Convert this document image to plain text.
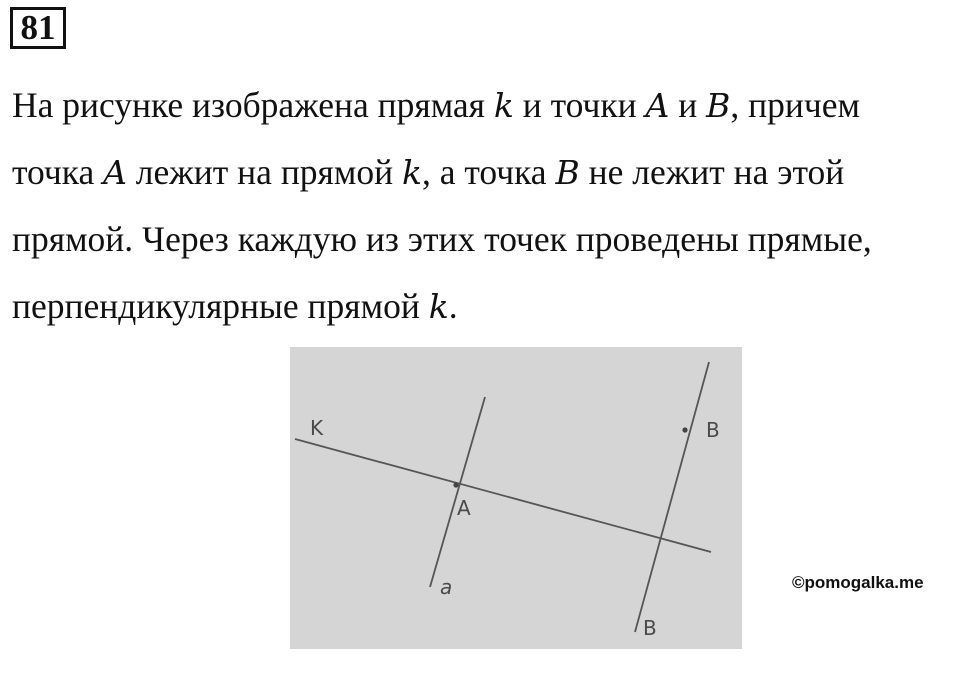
81
На рисунке изображена прямая k и точки A и B, причем
точка A лежит на прямой k, а точка B не лежит на этой
прямой. Через каждую из этих точек проведены прямые,
перпендикулярные прямой k.
K
A
a
B
B
©pomogalka.me
